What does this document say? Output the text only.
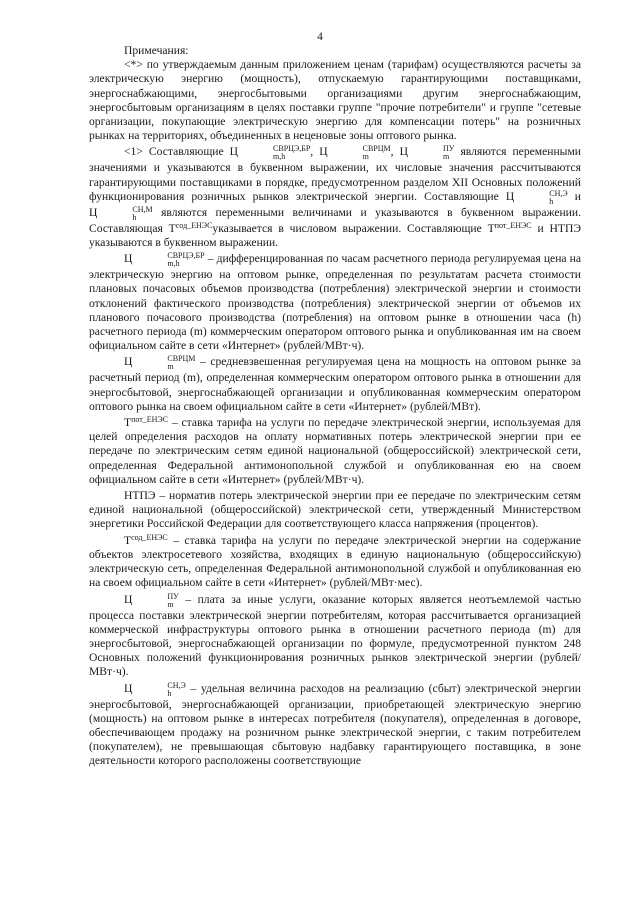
4

Примечания:

<*> по утверждаемым данным приложением ценам (тарифам) осуществляются расчеты за электрическую энергию (мощность), отпускаемую гарантирующими поставщиками, энергоснабжающими, энергосбытовыми организациями другим энергоснабжающим, энергосбытовым организациям в целях поставки группе "прочие потребители" и группе "сетевые организации, покупающие электрическую энергию для компенсации потерь" на розничных рынках на территориях, объединенных в неценовые зоны оптового рынка.

<1> Составляющие Ц	СВРЦЭ,БР
m,h	, Ц	СВРЦМ
m	, Ц	ПУ
m являются переменными значениями и указываются в буквенном выражении, их числовые значения рассчитываются гарантирующими поставщиками в порядке, предусмотренном разделом XII Основных положений функционирования розничных рынков электрической энергии. Составляющие Ц	СН,Э
h	и Ц	СН,М
h	являются переменными величинами и указываются в буквенном выражении. Составляющая $Т^{сод\_ЕНЭС}указывается$ в числовом выражении. Составляющие $Т^{пот\_ЕНЭС}$ и НТПЭ указываются в буквенном выражении.

Ц	СВРЦЭ,БР
m,h	– дифференцированная по часам расчетного периода регулируемая цена на электрическую энергию на оптовом рынке, определенная по результатам расчета стоимости плановых почасовых объемов производства (потребления) электрической энергии и стоимости отклонений фактического производства (потребления) электрической энергии от объемов их планового почасового производства (потребления) на оптовом рынке в отношении часа (h) расчетного периода (m) коммерческим оператором оптового рынка и опубликованная им на своем официальном сайте в сети «Интернет» (рублей/МВт·ч).

Ц	СВРЦМ
m	– средневзвешенная регулируемая цена на мощность на оптовом рынке за расчетный период (m), определенная коммерческим оператором оптового рынка в отношении для энергосбытовой, энергоснабжающей организации и опубликованная коммерческим оператором оптового рынка на своем официальном сайте в сети «Интернет» (рублей/МВт).

$Т^{пот\_ЕНЭС}$ – ставка тарифа на услуги по передаче электрической энергии, используемая для целей определения расходов на оплату нормативных потерь электрической энергии при ее передаче по электрическим сетям единой национальной (общероссийской) электрической сети, определенная Федеральной антимонопольной службой и опубликованная ею на своем официальном сайте в сети «Интернет» (рублей/МВт·ч).

НТПЭ – норматив потерь электрической энергии при ее передаче по электрическим сетям единой национальной (общероссийской) электрической сети, утвержденный Министерством энергетики Российской Федерации для соответствующего класса напряжения (процентов).

$Т^{сод\_ЕНЭС}$ – ставка тарифа на услуги по передаче электрической энергии на содержание объектов электросетевого хозяйства, входящих в единую национальную (общероссийскую) электрическую сеть, определенная Федеральной антимонопольной службой и опубликованная ею на своем официальном сайте в сети «Интернет» (рублей/МВт·мес).

Ц	ПУ
m	– плата за иные услуги, оказание которых является неотъемлемой частью процесса поставки электрической энергии потребителям, которая рассчитывается организацией коммерческой инфраструктуры оптового рынка в отношении расчетного периода (m) для энергосбытовой, энергоснабжающей организации по формуле, предусмотренной пунктом 248 Основных положений функционирования розничных рынков электрической энергии (рублей/МВт·ч).

Ц	СН,Э
h	– удельная величина расходов на реализацию (сбыт) электрической энергии энергосбытовой, энергоснабжающей организации, приобретающей электрическую энергию (мощность) на оптовом рынке в интересах потребителя (покупателя), определенная в договоре, обеспечивающем продажу на розничном рынке электрической энергии, с таким потребителем (покупателем), не превышающая сбытовую надбавку гарантирующего поставщика, в зоне деятельности которого расположены соответствующие
